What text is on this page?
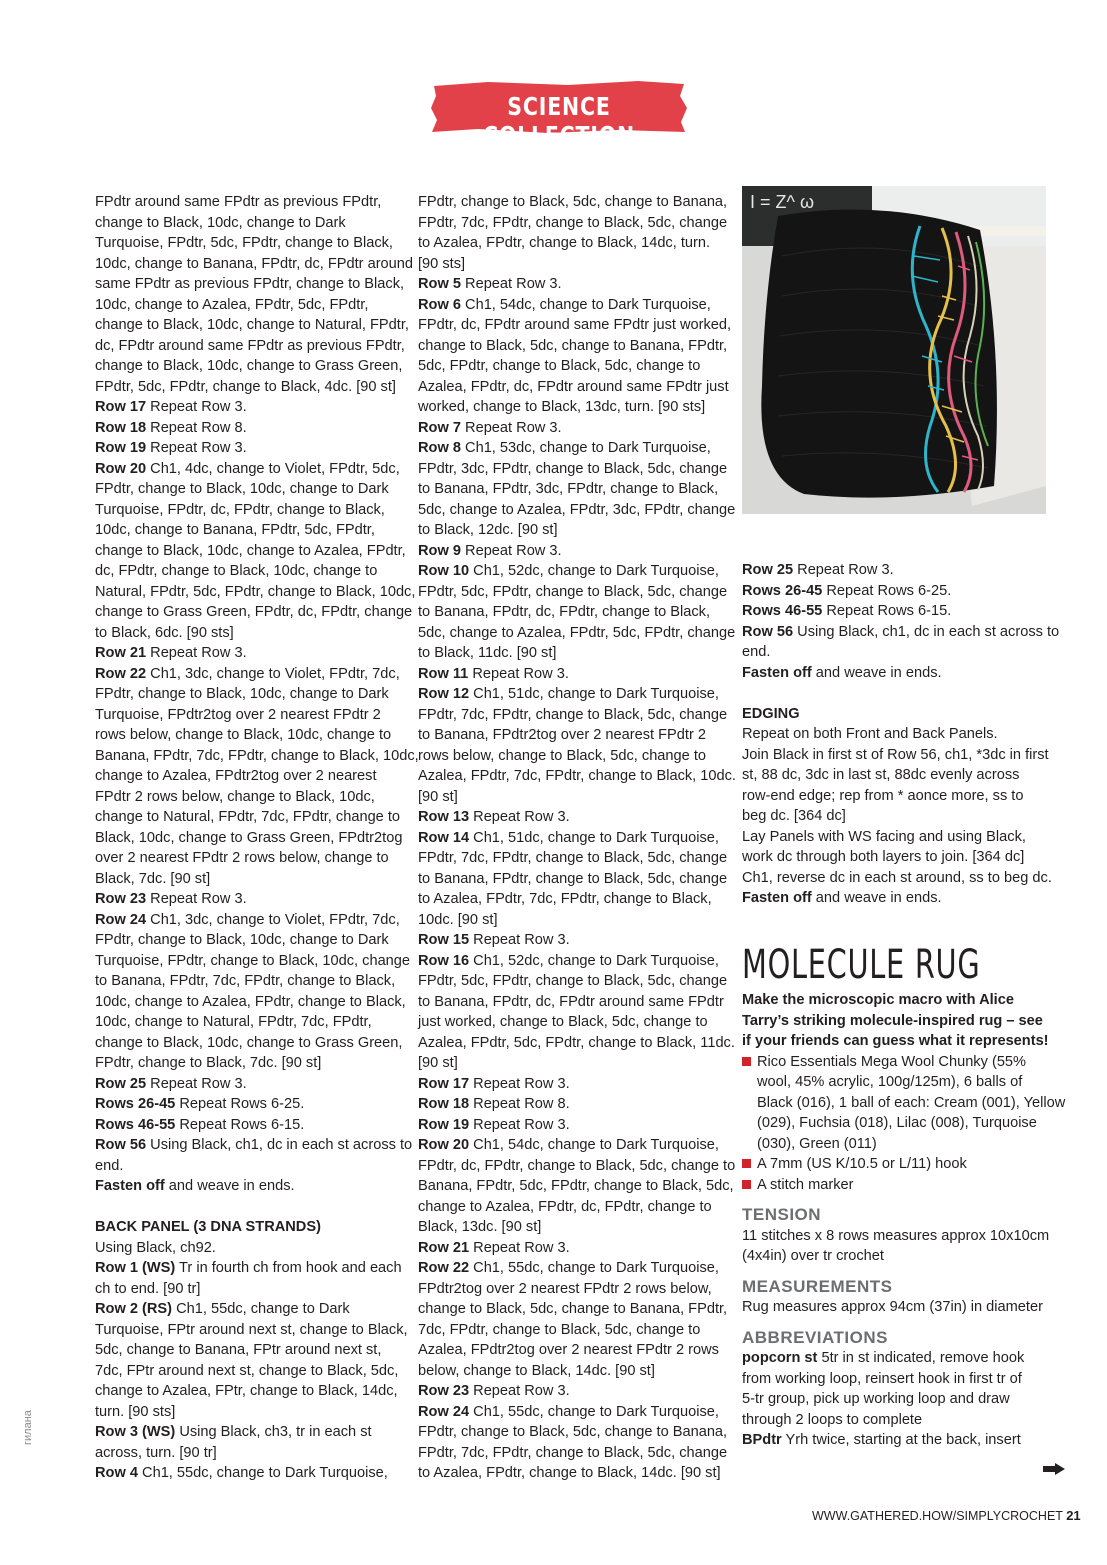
SCIENCE COLLECTION

FPdtr around same FPdtr as previous FPdtr,

change to Black, 10dc, change to Dark

Turquoise, FPdtr, 5dc, FPdtr, change to Black,

10dc, change to Banana, FPdtr, dc, FPdtr around

same FPdtr as previous FPdtr, change to Black,

10dc, change to Azalea, FPdtr, 5dc, FPdtr,

change to Black, 10dc, change to Natural, FPdtr,

dc, FPdtr around same FPdtr as previous FPdtr,

change to Black, 10dc, change to Grass Green,

FPdtr, 5dc, FPdtr, change to Black, 4dc. [90 st]

Row 17 Repeat Row 3.

Row 18 Repeat Row 8.

Row 19 Repeat Row 3.

Row 20 Ch1, 4dc, change to Violet, FPdtr, 5dc,

FPdtr, change to Black, 10dc, change to Dark

Turquoise, FPdtr, dc, FPdtr, change to Black,

10dc, change to Banana, FPdtr, 5dc, FPdtr,

change to Black, 10dc, change to Azalea, FPdtr,

dc, FPdtr, change to Black, 10dc, change to

Natural, FPdtr, 5dc, FPdtr, change to Black, 10dc,

change to Grass Green, FPdtr, dc, FPdtr, change

to Black, 6dc. [90 sts]

Row 21 Repeat Row 3.

Row 22 Ch1, 3dc, change to Violet, FPdtr, 7dc,

FPdtr, change to Black, 10dc, change to Dark

Turquoise, FPdtr2tog over 2 nearest FPdtr 2

rows below, change to Black, 10dc, change to

Banana, FPdtr, 7dc, FPdtr, change to Black, 10dc,

change to Azalea, FPdtr2tog over 2 nearest

FPdtr 2 rows below, change to Black, 10dc,

change to Natural, FPdtr, 7dc, FPdtr, change to

Black, 10dc, change to Grass Green, FPdtr2tog

over 2 nearest FPdtr 2 rows below, change to

Black, 7dc. [90 st]

Row 23 Repeat Row 3.

Row 24 Ch1, 3dc, change to Violet, FPdtr, 7dc,

FPdtr, change to Black, 10dc, change to Dark

Turquoise, FPdtr, change to Black, 10dc, change

to Banana, FPdtr, 7dc, FPdtr, change to Black,

10dc, change to Azalea, FPdtr, change to Black,

10dc, change to Natural, FPdtr, 7dc, FPdtr,

change to Black, 10dc, change to Grass Green,

FPdtr, change to Black, 7dc. [90 st]

Row 25 Repeat Row 3.

Rows 26-45 Repeat Rows 6-25.

Rows 46-55 Repeat Rows 6-15.

Row 56 Using Black, ch1, dc in each st across to

end.

Fasten off and weave in ends.

BACK PANEL (3 DNA STRANDS)

Using Black, ch92.

Row 1 (WS) Tr in fourth ch from hook and each

ch to end. [90 tr]

Row 2 (RS) Ch1, 55dc, change to Dark

Turquoise, FPtr around next st, change to Black,

5dc, change to Banana, FPtr around next st,

7dc, FPtr around next st, change to Black, 5dc,

change to Azalea, FPtr, change to Black, 14dc,

turn. [90 sts]

Row 3 (WS) Using Black, ch3, tr in each st

across, turn. [90 tr]

Row 4 Ch1, 55dc, change to Dark Turquoise,

FPdtr, change to Black, 5dc, change to Banana,

FPdtr, 7dc, FPdtr, change to Black, 5dc, change

to Azalea, FPdtr, change to Black, 14dc, turn.

[90 sts]

Row 5 Repeat Row 3.

Row 6 Ch1, 54dc, change to Dark Turquoise,

FPdtr, dc, FPdtr around same FPdtr just worked,

change to Black, 5dc, change to Banana, FPdtr,

5dc, FPdtr, change to Black, 5dc, change to

Azalea, FPdtr, dc, FPdtr around same FPdtr just

worked, change to Black, 13dc, turn. [90 sts]

Row 7 Repeat Row 3.

Row 8 Ch1, 53dc, change to Dark Turquoise,

FPdtr, 3dc, FPdtr, change to Black, 5dc, change

to Banana, FPdtr, 3dc, FPdtr, change to Black,

5dc, change to Azalea, FPdtr, 3dc, FPdtr, change

to Black, 12dc. [90 st]

Row 9 Repeat Row 3.

Row 10 Ch1, 52dc, change to Dark Turquoise,

FPdtr, 5dc, FPdtr, change to Black, 5dc, change

to Banana, FPdtr, dc, FPdtr, change to Black,

5dc, change to Azalea, FPdtr, 5dc, FPdtr, change

to Black, 11dc. [90 st]

Row 11 Repeat Row 3.

Row 12 Ch1, 51dc, change to Dark Turquoise,

FPdtr, 7dc, FPdtr, change to Black, 5dc, change

to Banana, FPdtr2tog over 2 nearest FPdtr 2

rows below, change to Black, 5dc, change to

Azalea, FPdtr, 7dc, FPdtr, change to Black, 10dc.

[90 st]

Row 13 Repeat Row 3.

Row 14 Ch1, 51dc, change to Dark Turquoise,

FPdtr, 7dc, FPdtr, change to Black, 5dc, change

to Banana, FPdtr, change to Black, 5dc, change

to Azalea, FPdtr, 7dc, FPdtr, change to Black,

10dc. [90 st]

Row 15 Repeat Row 3.

Row 16 Ch1, 52dc, change to Dark Turquoise,

FPdtr, 5dc, FPdtr, change to Black, 5dc, change

to Banana, FPdtr, dc, FPdtr around same FPdtr

just worked, change to Black, 5dc, change to

Azalea, FPdtr, 5dc, FPdtr, change to Black, 11dc.

[90 st]

Row 17 Repeat Row 3.

Row 18 Repeat Row 8.

Row 19 Repeat Row 3.

Row 20 Ch1, 54dc, change to Dark Turquoise,

FPdtr, dc, FPdtr, change to Black, 5dc, change to

Banana, FPdtr, 5dc, FPdtr, change to Black, 5dc,

change to Azalea, FPdtr, dc, FPdtr, change to

Black, 13dc. [90 st]

Row 21 Repeat Row 3.

Row 22 Ch1, 55dc, change to Dark Turquoise,

FPdtr2tog over 2 nearest FPdtr 2 rows below,

change to Black, 5dc, change to Banana, FPdtr,

7dc, FPdtr, change to Black, 5dc, change to

Azalea, FPdtr2tog over 2 nearest FPdtr 2 rows

below, change to Black, 14dc. [90 st]

Row 23 Repeat Row 3.

Row 24 Ch1, 55dc, change to Dark Turquoise,

FPdtr, change to Black, 5dc, change to Banana,

FPdtr, 7dc, FPdtr, change to Black, 5dc, change

to Azalea, FPdtr, change to Black, 14dc. [90 st]

I = Z^ ω

Row 25 Repeat Row 3.

Rows 26-45 Repeat Rows 6-25.

Rows 46-55 Repeat Rows 6-15.

Row 56 Using Black, ch1, dc in each st across to

end.

Fasten off and weave in ends.

EDGING

Repeat on both Front and Back Panels.

Join Black in first st of Row 56, ch1, *3dc in first

st, 88 dc, 3dc in last st, 88dc evenly across

row-end edge; rep from * aonce more, ss to

beg dc. [364 dc]

Lay Panels with WS facing and using Black,

work dc through both layers to join. [364 dc]

Ch1, reverse dc in each st around, ss to beg dc.

Fasten off and weave in ends.

MOLECULE RUG

Make the microscopic macro with Alice

Tarry’s striking molecule-inspired rug – see

if your friends can guess what it represents!

Rico Essentials Mega Wool Chunky (55%

wool, 45% acrylic, 100g/125m), 6 balls of

Black (016), 1 ball of each: Cream (001), Yellow

(029), Fuchsia (018), Lilac (008), Turquoise

(030), Green (011)

A 7mm (US K/10.5 or L/11) hook

A stitch marker

TENSION

11 stitches x 8 rows measures approx 10x10cm

(4x4in) over tr crochet

MEASUREMENTS

Rug measures approx 94cm (37in) in diameter

ABBREVIATIONS

popcorn st 5tr in st indicated, remove hook

from working loop, reinsert hook in first tr of

5-tr group, pick up working loop and draw

through 2 loops to complete

BPdtr Yrh twice, starting at the back, insert

WWW.GATHERED.HOW/SIMPLYCROCHET 21
гилана
